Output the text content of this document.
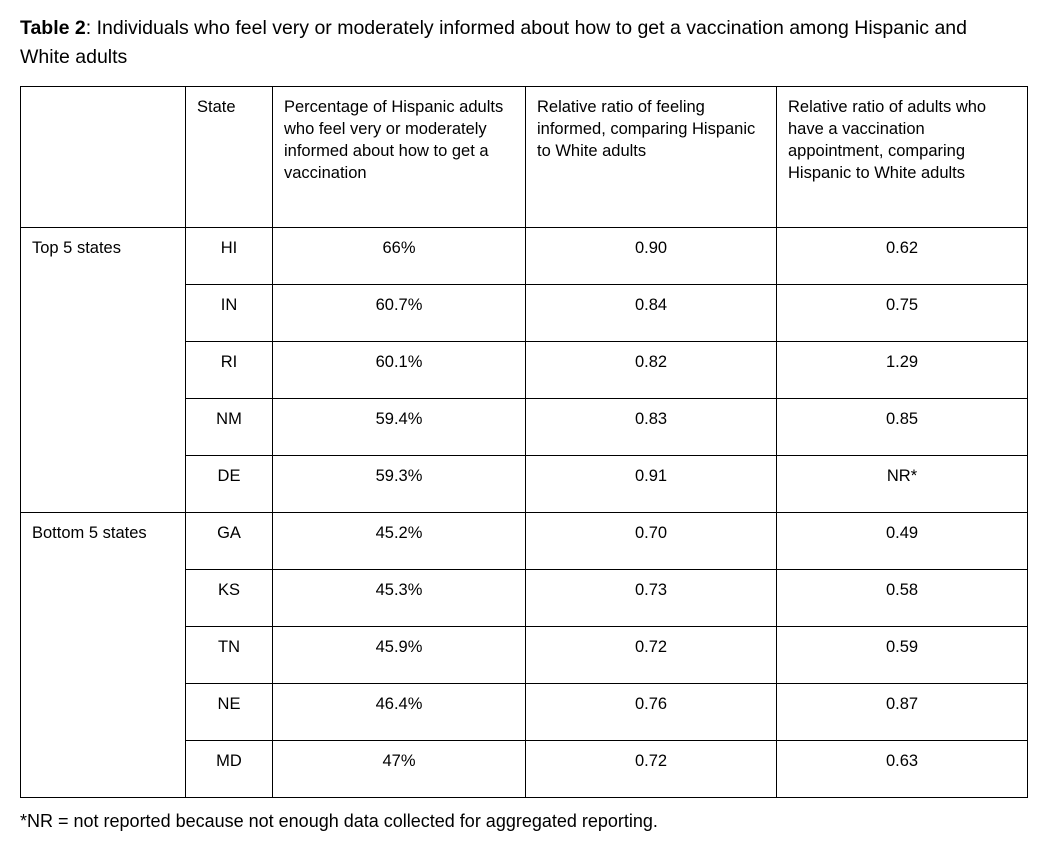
Table 2: Individuals who feel very or moderately informed about how to get a vaccination among Hispanic and White adults

	State	Percentage of Hispanic adults who feel very or moderately informed about how to get a vaccination	Relative ratio of feeling informed, comparing Hispanic to White adults	Relative ratio of adults who have a vaccination appointment, comparing Hispanic to White adults
Top 5 states	HI	66%	0.90	0.62
	IN	60.7%	0.84	0.75
	RI	60.1%	0.82	1.29
	NM	59.4%	0.83	0.85
	DE	59.3%	0.91	NR*
Bottom 5 states	GA	45.2%	0.70	0.49
	KS	45.3%	0.73	0.58
	TN	45.9%	0.72	0.59
	NE	46.4%	0.76	0.87
	MD	47%	0.72	0.63

*NR = not reported because not enough data collected for aggregated reporting.
